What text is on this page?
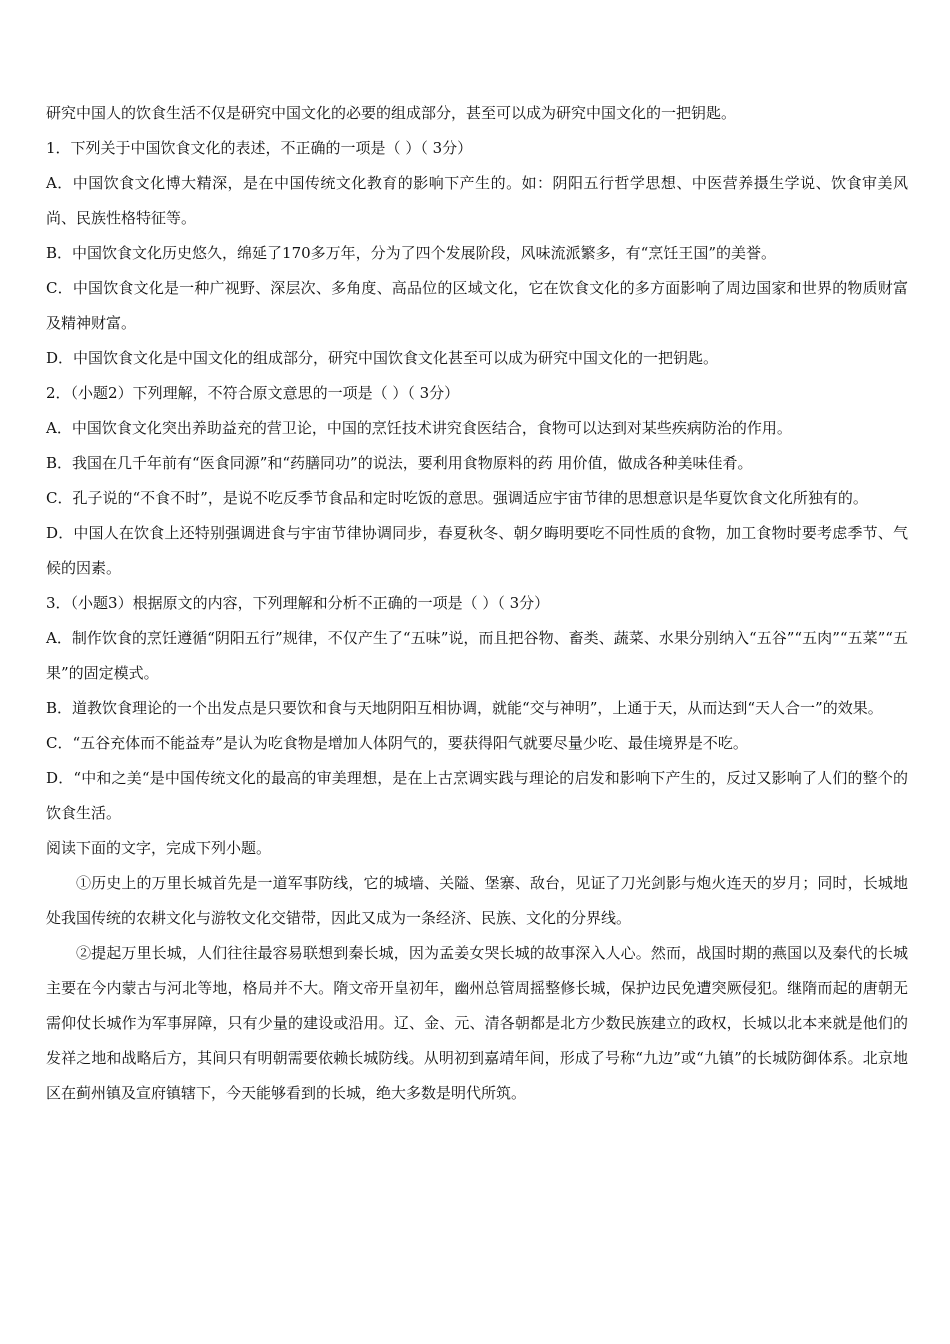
研究中国人的饮食生活不仅是研究中国文化的必要的组成部分，甚至可以成为研究中国文化的一把钥匙。

1．下列关于中国饮食文化的表述，不正确的一项是（ ）（ 3分）

A．中国饮食文化博大精深，是在中国传统文化教育的影响下产生的。如：阴阳五行哲学思想、中医营养摄生学说、饮食审美风尚、民族性格特征等。

B．中国饮食文化历史悠久，绵延了170多万年，分为了四个发展阶段，风味流派繁多，有“烹饪王国”的美誉。

C．中国饮食文化是一种广视野、深层次、多角度、高品位的区域文化，它在饮食文化的多方面影响了周边国家和世界的物质财富及精神财富。

D．中国饮食文化是中国文化的组成部分，研究中国饮食文化甚至可以成为研究中国文化的一把钥匙。

2．（小题2）下列理解，不符合原文意思的一项是（ ）（ 3分）

A．中国饮食文化突出养助益充的营卫论，中国的烹饪技术讲究食医结合，食物可以达到对某些疾病防治的作用。

B．我国在几千年前有“医食同源”和“药膳同功”的说法，要利用食物原料的药 用价值，做成各种美味佳肴。

C．孔子说的“不食不时”，是说不吃反季节食品和定时吃饭的意思。强调适应宇宙节律的思想意识是华夏饮食文化所独有的。

D．中国人在饮食上还特别强调进食与宇宙节律协调同步，春夏秋冬、朝夕晦明要吃不同性质的食物，加工食物时要考虑季节、气候的因素。

3．（小题3）根据原文的内容，下列理解和分析不正确的一项是（ ）（ 3分）

A．制作饮食的烹饪遵循“阴阳五行”规律，不仅产生了“五味”说，而且把谷物、畜类、蔬菜、水果分别纳入“五谷”“五肉”“五菜”“五果”的固定模式。

B．道教饮食理论的一个出发点是只要饮和食与天地阴阳互相协调，就能“交与神明”，上通于天，从而达到“天人合一”的效果。

C．“五谷充体而不能益寿”是认为吃食物是增加人体阴气的，要获得阳气就要尽量少吃、最佳境界是不吃。

D．“中和之美“是中国传统文化的最高的审美理想，是在上古烹调实践与理论的启发和影响下产生的，反过又影响了人们的整个的饮食生活。

阅读下面的文字，完成下列小题。

①历史上的万里长城首先是一道军事防线，它的城墙、关隘、堡寨、敌台，见证了刀光剑影与炮火连天的岁月；同时，长城地处我国传统的农耕文化与游牧文化交错带，因此又成为一条经济、民族、文化的分界线。

②提起万里长城，人们往往最容易联想到秦长城，因为孟姜女哭长城的故事深入人心。然而，战国时期的燕国以及秦代的长城主要在今内蒙古与河北等地，格局并不大。隋文帝开皇初年，幽州总管周摇整修长城，保护边民免遭突厥侵犯。继隋而起的唐朝无需仰仗长城作为军事屏障，只有少量的建设或沿用。辽、金、元、清各朝都是北方少数民族建立的政权，长城以北本来就是他们的发祥之地和战略后方，其间只有明朝需要依赖长城防线。从明初到嘉靖年间，形成了号称“九边”或“九镇”的长城防御体系。北京地区在蓟州镇及宣府镇辖下，今天能够看到的长城，绝大多数是明代所筑。
